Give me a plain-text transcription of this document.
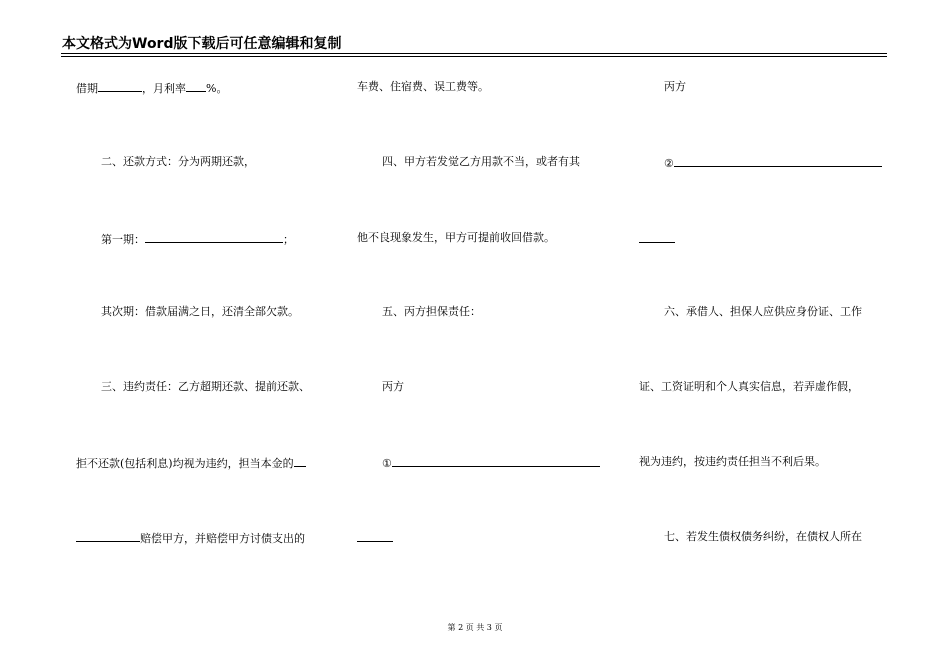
本文格式为Word版下载后可任意编辑和复制
借期	，月利率 %。
二、还款方式：分为两期还款，
第一期：	；
其次期：借款届满之日，还清全部欠款。
三、违约责任：乙方超期还款、提前还款、
拒不还款(包括利息)均视为违约，担当本金的
赔偿甲方，并赔偿甲方讨债支出的
车费、住宿费、误工费等。
四、甲方若发觉乙方用款不当，或者有其
他不良现象发生，甲方可提前收回借款。
五、丙方担保责任：
丙方
①
丙方
②
六、承借人、担保人应供应身份证、工作
证、工资证明和个人真实信息，若弄虚作假，
视为违约，按违约责任担当不利后果。
七、若发生债权债务纠纷，在债权人所在
第 2 页 共 3 页
